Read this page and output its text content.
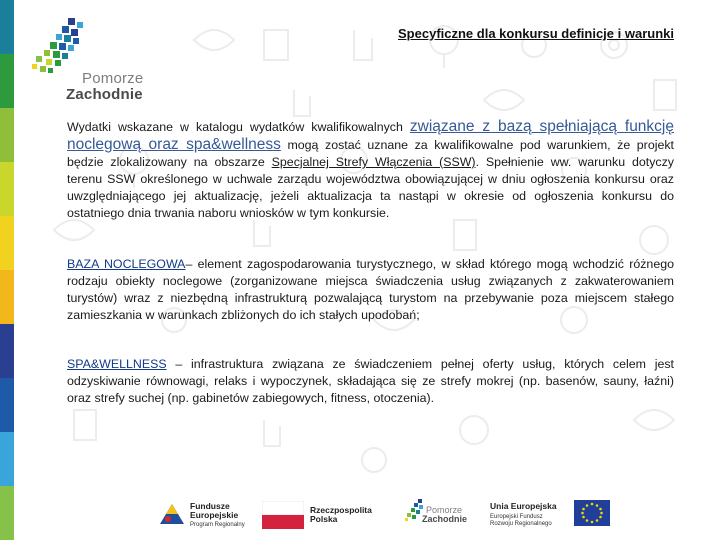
Pomorze
Zachodnie
Specyficzne dla konkursu definicje i warunki
Wydatki wskazane w katalogu wydatków kwalifikowalnych związane z bazą spełniającą funkcję noclegową oraz spa&wellness mogą zostać uznane za kwalifikowalne pod warunkiem, że projekt będzie zlokalizowany na obszarze Specjalnej Strefy Włączenia (SSW). Spełnienie ww. warunku dotyczy terenu SSW określonego w uchwale zarządu województwa obowiązującej w dniu ogłoszenia konkursu oraz uwzględniającego jej aktualizację, jeżeli aktualizacja ta nastąpi w okresie od ogłoszenia konkursu do ostatniego dnia trwania naboru wniosków w tym konkursie.
BAZA NOCLEGOWA– element zagospodarowania turystycznego, w skład którego mogą wchodzić różnego rodzaju obiekty noclegowe (zorganizowane miejsca świadczenia usług związanych z zakwaterowaniem turystów) wraz z niezbędną infrastrukturą pozwalającą turystom na przebywanie poza miejscem stałego zamieszkania w warunkach zbliżonych do ich stałych upodobań;
SPA&WELLNESS – infrastruktura związana ze świadczeniem pełnej oferty usług, których celem jest odzyskiwanie równowagi, relaks i wypoczynek, składająca się ze strefy mokrej (np. basenów, sauny, łaźni) oraz strefy suchej (np. gabinetów zabiegowych, fitness, otoczenia).
Fundusze
Europejskie
Program Regionalny
Rzeczpospolita
Polska
Pomorze
Zachodnie
Unia Europejska
Europejski Fundusz
Rozwoju Regionalnego
